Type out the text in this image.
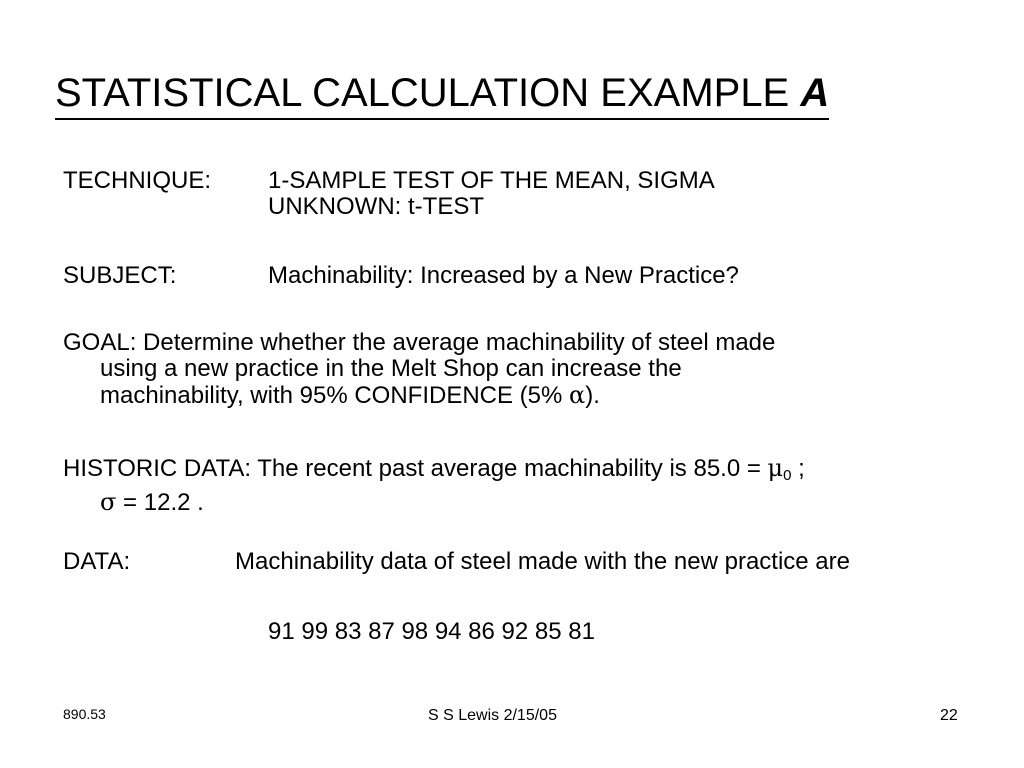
STATISTICAL CALCULATION EXAMPLE A
TECHNIQUE: 1-SAMPLE TEST OF THE MEAN, SIGMA
UNKNOWN: t-TEST
SUBJECT:	Machinability: Increased by a New Practice?
GOAL: Determine whether the average machinability of steel made
using a new practice in the Melt Shop can increase the
machinability, with 95% CONFIDENCE (5% α).
HISTORIC DATA: The recent past average machinability is $85.0 = \mu_0$ ;
σ = 12.2 .
DATA:	Machinability data of steel made with the new practice are
91 99 83 87 98 94 86 92 85 81
890.53	S S Lewis 2/15/05	22
